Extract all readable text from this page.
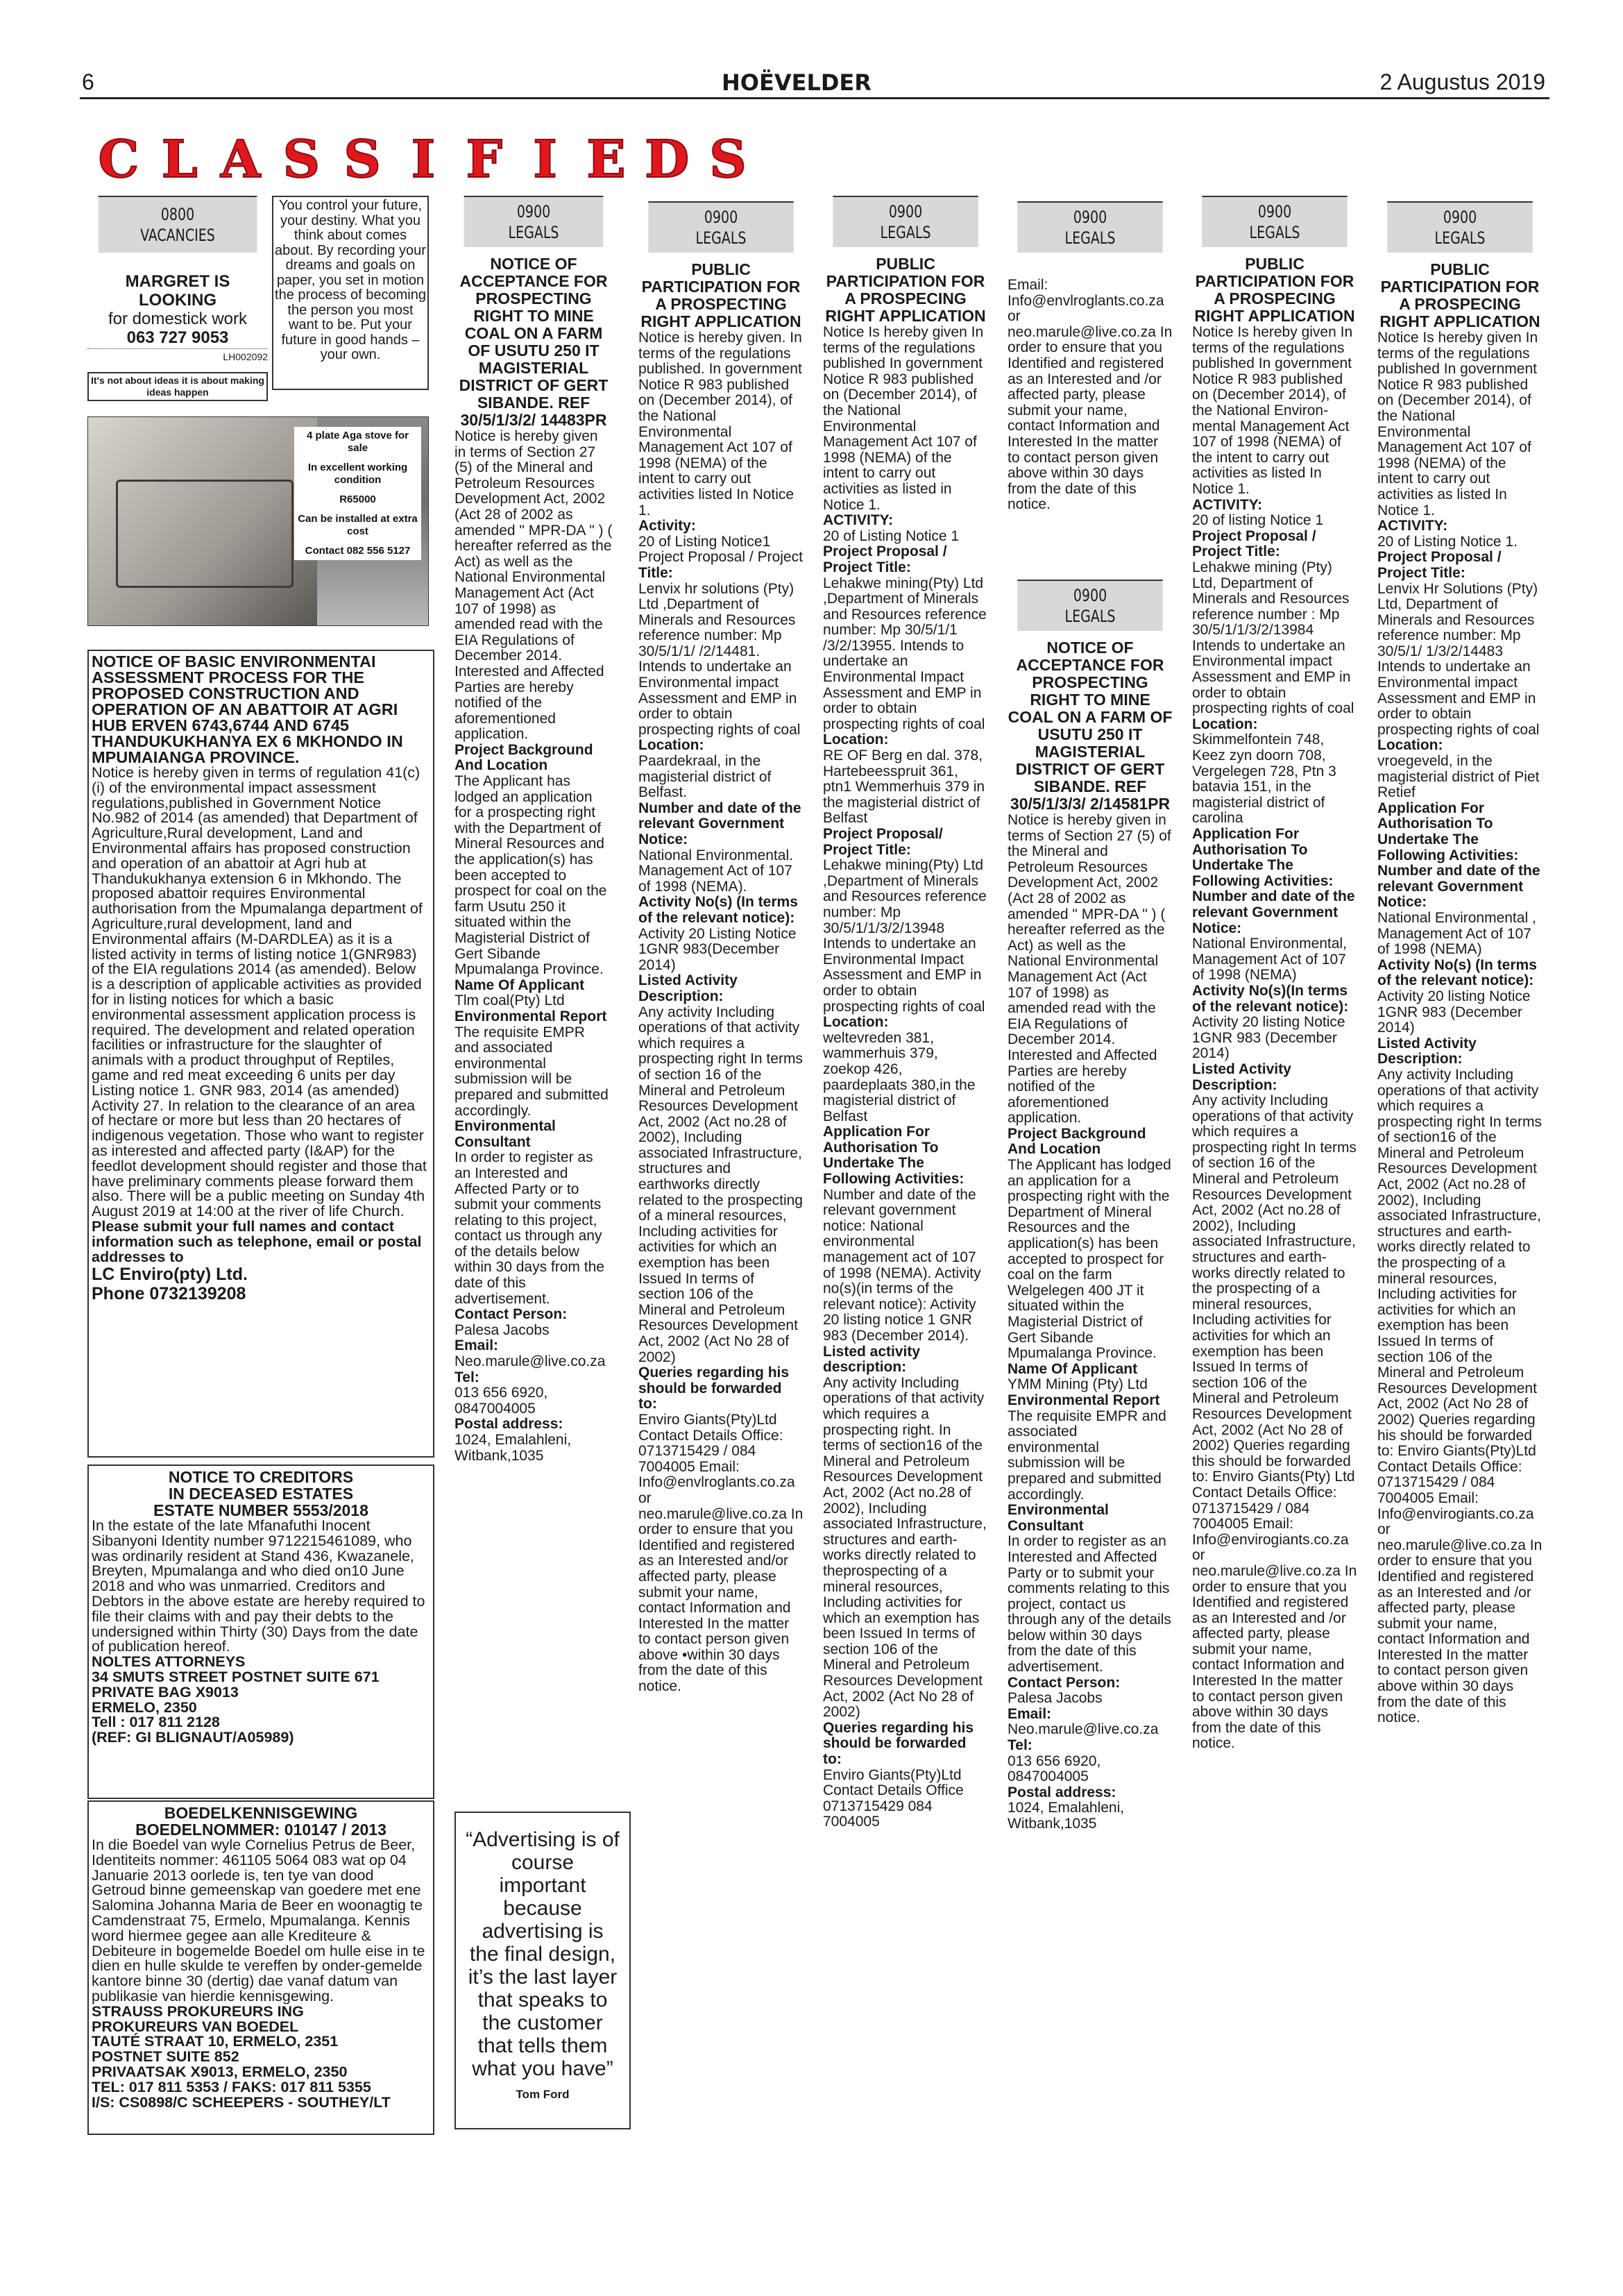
6	HOËVELDER	2 Augustus 2019
C L A S S I F I E D S
0800
VACANCIES
MARGRET IS
LOOKING
for domestick work
063 727 9053
LH002092
It's not about ideas it is about making ideas happen
You control your future, your destiny. What you think about comes about. By recording your dreams and goals on paper, you set in motion the process of becoming the person you most want to be. Put your future in good hands – your own.

4 plate Aga stove for sale

In excellent working condition

R65000

Can be installed at extra cost

Contact 082 556 5127

NOTICE OF BASIC ENVIRONMENTAI ASSESSMENT PROCESS FOR THE PROPOSED CONSTRUCTION AND OPERATION OF AN ABATTOIR AT AGRI HUB ERVEN 6743,6744 AND 6745 THANDUKUKHANYA EX 6 MKHONDO IN MPUMAIANGA PROVINCE.

Notice is hereby given in terms of regulation 41(c)(i) of the environmental impact assessment regulations,published in Government Notice No.982 of 2014 (as amended) that Department of Agriculture,Rural development, Land and Environmental affairs has proposed construction and operation of an abattoir at Agri hub at Thandukukhanya extension 6 in Mkhondo. The proposed abattoir requires Environmental authorisation from the Mpumalanga department of Agriculture,rural development, land and Environmental affairs (M-DARDLEA) as it is a listed activity in terms of listing notice 1(GNR983) of the EIA regulations 2014 (as amended). Below is a description of applicable activities as provided for in listing notices for which a basic environmental assessment application process is required. The development and related operation facilities or infrastructure for the slaughter of animals with a product throughput of Reptiles, game and red meat exceeding 6 units per day Listing notice 1. GNR 983, 2014 (as amended) Activity 27. In relation to the clearance of an area of hectare or more but less than 20 hectares of indigenous vegetation. Those who want to register as interested and affected party (I&AP) for the feedlot development should register and those that have preliminary comments please forward them also. There will be a public meeting on Sunday 4th August 2019 at 14:00 at the river of life Church.

Please submit your full names and contact information such as telephone, email or postal addresses to

LC Enviro(pty) Ltd.

Phone 0732139208

NOTICE TO CREDITORS
IN DECEASED ESTATES
ESTATE NUMBER 5553/2018

In the estate of the late Mfanafuthi Inocent Sibanyoni Identity number 9712215461089, who was ordinarily resident at Stand 436, Kwazanele, Breyten, Mpumalanga and who died on10 June 2018 and who was unmarried. Creditors and Debtors in the above estate are hereby required to file their claims with and pay their debts to the undersigned within Thirty (30) Days from the date of publication hereof.

NOLTES ATTORNEYS
34 SMUTS STREET POSTNET SUITE 671
PRIVATE BAG X9013
ERMELO, 2350
Tell : 017 811 2128
(REF: GI BLIGNAUT/A05989)
BOEDELKENNISGEWING
BOEDELNOMMER: 010147 / 2013

In die Boedel van wyle Cornelius Petrus de Beer, Identiteits nommer: 461105 5064 083 wat op 04 Januarie 2013 oorlede is, ten tye van dood Getroud binne gemeenskap van goedere met ene Salomina Johanna Maria de Beer en woonagtig te Camdenstraat 75, Ermelo, Mpumalanga. Kennis word hiermee gegee aan alle Krediteure & Debiteure in bogemelde Boedel om hulle eise in te dien en hulle skulde te vereffen by onder-gemelde kantore binne 30 (dertig) dae vanaf datum van publikasie van hierdie kennisgewing.

STRAUSS PROKUREURS ING
PROKUREURS VAN BOEDEL
TAUTÉ STRAAT 10, ERMELO, 2351
POSTNET SUITE 852
PRIVAATSAK X9013, ERMELO, 2350
TEL: 017 811 5353 / FAKS: 017 811 5355
I/S: CS0898/C SCHEEPERS - SOUTHEY/LT
0900
LEGALS

NOTICE OF ACCEPTANCE FOR PROSPECTING RIGHT TO MINE COAL ON A FARM OF USUTU 250 IT MAGISTERIAL DISTRICT OF GERT SIBANDE. REF 30/5/1/3/2/ 14483PR

Notice is hereby given in terms of Section 27 (5) of the Mineral and Petroleum Resources Development Act, 2002 (Act 28 of 2002 as amended " MPR-DA " ) ( hereafter referred as the Act) as well as the National Environmental Management Act (Act 107 of 1998) as amended read with the EIA Regulations of December 2014. Interested and Affected Parties are hereby notified of the aforementioned application.

Project Background And Location

The Applicant has lodged an application for a prospecting right with the Department of Mineral Resources and the application(s) has been accepted to prospect for coal on the farm Usutu 250 it situated within the Magisterial District of Gert Sibande Mpumalanga Province.

Name Of Applicant

Tlm coal(Pty) Ltd

Environmental Report

The requisite EMPR and associated environmental submission will be prepared and submitted accordingly.

Environmental Consultant

In order to register as an Interested and Affected Party or to submit your comments relating to this project, contact us through any of the details below within 30 days from the date of this advertisement.

Contact Person:

Palesa Jacobs

Email:

Neo.marule@live.co.za

Tel:

013 656 6920, 0847004005

Postal address:

1024, Emalahleni, Witbank,1035

“Advertising is of course important because advertising is the final design, it’s the last layer that speaks to the customer that tells them what you have”
Tom Ford
0900
LEGALS

PUBLIC PARTICIPATION FOR A PROSPECTING RIGHT APPLICATION

Notice is hereby given. In terms of the regulations published. In government Notice R 983 published on (December 2014), of the National Environmental Management Act 107 of 1998 (NEMA) of the intent to carry out activities listed In Notice 1.

Activity:

20 of Listing Notice1 Project Proposal / Project

Title:

Lenvix hr solutions (Pty) Ltd ,Department of Minerals and Resources reference number: Mp 30/5/1/1/ /2/14481. Intends to undertake an Environmental impact Assessment and EMP in order to obtain prospecting rights of coal

Location:

Paardekraal, in the magisterial district of Belfast.

Number and date of the relevant Government Notice:

National Environmental. Management Act of 107 of 1998 (NEMA).

Activity No(s) (In terms of the relevant notice):

Activity 20 Listing Notice 1GNR 983(December 2014)

Listed Activity Description:

Any activity Including operations of that activity which requires a prospecting right In terms of section 16 of the Mineral and Petroleum Resources Development Act, 2002 (Act no.28 of 2002), Including associated Infrastructure, structures and earthworks directly related to the prospecting of a mineral resources, Including activities for activities for which an exemption has been Issued In terms of section 106 of the Mineral and Petroleum Resources Development Act, 2002 (Act No 28 of 2002)

Queries regarding his should be forwarded to:

Enviro Giants(Pty)Ltd Contact Details Office: 0713715429 / 084 7004005 Email: Info@envlroglants.co.za or neo.marule@live.co.za In order to ensure that you Identified and registered as an Interested and/or affected party, please submit your name, contact Information and Interested In the matter to contact person given above •within 30 days from the date of this notice.

0900
LEGALS

PUBLIC PARTICIPATION FOR A PROSPECING RIGHT APPLICATION

Notice Is hereby given In terms of the regulations published In government Notice R 983 published on (December 2014), of the National Environmental Management Act 107 of 1998 (NEMA) of the intent to carry out activities as listed in Notice 1.

ACTIVITY:

20 of Listing Notice 1

Project Proposal / Project Title:

Lehakwe mining(Pty) Ltd ,Department of Minerals and Resources reference number: Mp 30/5/1/1 /3/2/13955. Intends to undertake an Environmental Impact Assessment and EMP in order to obtain prospecting rights of coal

Location:

RE OF Berg en dal. 378, Hartebeesspruit 361, ptn1 Wemmerhuis 379 in the magisterial district of Belfast

Project Proposal/ Project Title:

Lehakwe mining(Pty) Ltd ,Department of Minerals and Resources reference number: Mp 30/5/1/1/3/2/13948 Intends to undertake an Environmental Impact Assessment and EMP in order to obtain prospecting rights of coal

Location:

weltevreden 381, wammerhuis 379, zoekop 426, paardeplaats 380,in the magisterial district of Belfast

Application For Authorisation To Undertake The Following Activities:

Number and date of the relevant government notice: National environmental management act of 107 of 1998 (NEMA). Activity no(s)(in terms of the relevant notice): Activity 20 listing notice 1 GNR 983 (December 2014).

Listed activity description:

Any activity Including operations of that activity which requires a prospecting right. In terms of section16 of the Mineral and Petroleum Resources Development Act, 2002 (Act no.28 of 2002), Including associated Infrastructure, structures and earth-works directly related to theprospecting of a mineral resources, Including activities for which an exemption has been Issued In terms of section 106 of the Mineral and Petroleum Resources Development Act, 2002 (Act No 28 of 2002)

Queries regarding his should be forwarded to:

Enviro Giants(Pty)Ltd Contact Details Office 0713715429 084 7004005

0900
LEGALS

Email: Info@envlroglants.co.za or neo.marule@live.co.za In order to ensure that you Identified and registered as an Interested and /or affected party, please submit your name, contact Information and Interested In the matter to contact person given above within 30 days from the date of this notice.

0900
LEGALS

NOTICE OF ACCEPTANCE FOR PROSPECTING RIGHT TO MINE COAL ON A FARM OF USUTU 250 IT MAGISTERIAL DISTRICT OF GERT SIBANDE. REF 30/5/1/3/3/ 2/14581PR

Notice is hereby given in terms of Section 27 (5) of the Mineral and Petroleum Resources Development Act, 2002 (Act 28 of 2002 as amended " MPR-DA " ) ( hereafter referred as the Act) as well as the National Environmental Management Act (Act 107 of 1998) as amended read with the EIA Regulations of December 2014. Interested and Affected Parties are hereby notified of the aforementioned application.

Project Background And Location

The Applicant has lodged an application for a prospecting right with the Department of Mineral Resources and the application(s) has been accepted to prospect for coal on the farm Welgelegen 400 JT it situated within the Magisterial District of Gert Sibande Mpumalanga Province.

Name Of Applicant

YMM Mining (Pty) Ltd

Environmental Report

The requisite EMPR and associated environmental submission will be prepared and submitted accordingly.

Environmental Consultant

In order to register as an Interested and Affected Party or to submit your comments relating to this project, contact us through any of the details below within 30 days from the date of this advertisement.

Contact Person:

Palesa Jacobs

Email:

Neo.marule@live.co.za

Tel:

013 656 6920, 0847004005

Postal address:

1024, Emalahleni, Witbank,1035

0900
LEGALS

PUBLIC PARTICIPATION FOR A PROSPECING RIGHT APPLICATION

Notice Is hereby given In terms of the regulations published In government Notice R 983 published on (December 2014), of the National Environ-mental Management Act 107 of 1998 (NEMA) of the intent to carry out activities as listed In Notice 1.

ACTIVITY:

20 of listing Notice 1

Project Proposal / Project Title:

Lehakwe mining (Pty) Ltd, Department of Minerals and Resources reference number : Mp 30/5/1/1/3/2/13984 Intends to undertake an Environmental impact Assessment and EMP in order to obtain prospecting rights of coal

Location:

Skimmelfontein 748, Keez zyn doorn 708, Vergelegen 728, Ptn 3 batavia 151, in the magisterial district of carolina

Application For Authorisation To Undertake The Following Activities: Number and date of the relevant Government Notice:

National Environmental, Management Act of 107 of 1998 (NEMA)

Activity No(s)(In terms of the relevant notice):

Activity 20 listing Notice 1GNR 983 (December 2014)

Listed Activity Description:

Any activity Including operations of that activity which requires a prospecting right In terms of section 16 of the Mineral and Petroleum Resources Development Act, 2002 (Act no.28 of 2002), Including associated Infrastructure, structures and earth-works directly related to the prospecting of a mineral resources, Including activities for activities for which an exemption has been Issued In terms of section 106 of the Mineral and Petroleum Resources Development Act, 2002 (Act No 28 of 2002) Queries regarding this should be forwarded to: Enviro Giants(Pty) Ltd Contact Details Office: 0713715429 / 084 7004005 Email: Info@envirogiants.co.za or neo.marule@live.co.za In order to ensure that you Identified and registered as an Interested and /or affected party, please submit your name, contact Information and Interested In the matter to contact person given above within 30 days from the date of this notice.

0900
LEGALS

PUBLIC PARTICIPATION FOR A PROSPECING RIGHT APPLICATION

Notice Is hereby given In terms of the regulations published In government Notice R 983 published on (December 2014), of the National Environmental Management Act 107 of 1998 (NEMA) of the intent to carry out activities as listed In Notice 1.

ACTIVITY:

20 of Listing Notice 1.

Project Proposal / Project Title:

Lenvix Hr Solutions (Pty) Ltd, Department of Minerals and Resources reference number: Mp 30/5/1/ 1/3/2/14483 Intends to undertake an Environmental impact Assessment and EMP in order to obtain prospecting rights of coal

Location:

vroegeveld, in the magisterial district of Piet Retief

Application For Authorisation To Undertake The Following Activities: Number and date of the relevant Government Notice:

National Environmental , Management Act of 107 of 1998 (NEMA)

Activity No(s) (In terms of the relevant notice):

Activity 20 listing Notice 1GNR 983 (December 2014)

Listed Activity Description:

Any activity Including operations of that activity which requires a prospecting right In terms of section16 of the Mineral and Petroleum Resources Development Act, 2002 (Act no.28 of 2002), Including associated Infrastructure, structures and earth-works directly related to the prospecting of a mineral resources, Including activities for activities for which an exemption has been Issued In terms of section 106 of the Mineral and Petroleum Resources Development Act, 2002 (Act No 28 of 2002) Queries regarding his should be forwarded to: Enviro Giants(Pty)Ltd Contact Details Office: 0713715429 / 084 7004005 Email: Info@envirogiants.co.za or neo.marule@live.co.za In order to ensure that you Identified and registered as an Interested and /or affected party, please submit your name, contact Information and Interested In the matter to contact person given above within 30 days from the date of this notice.
